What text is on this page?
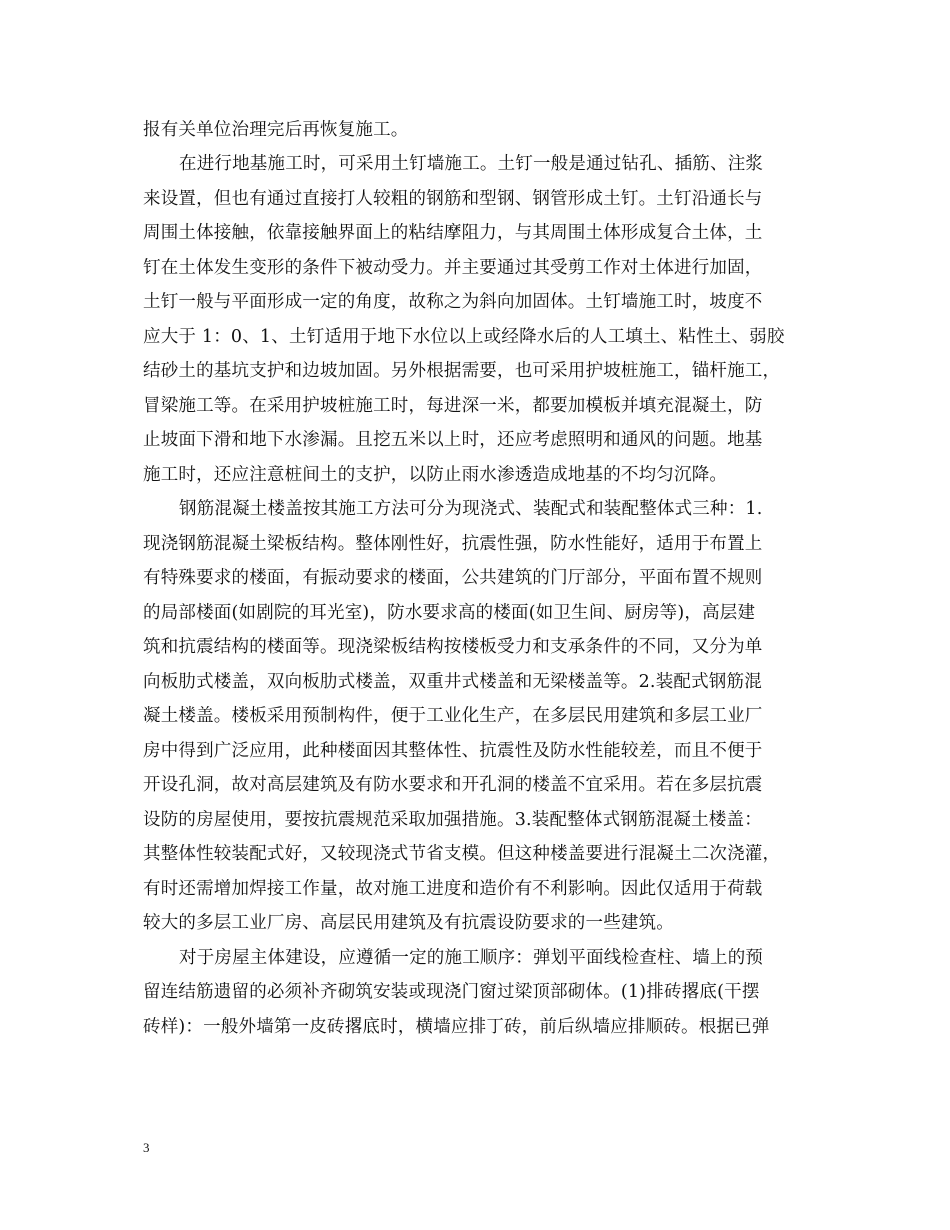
报有关单位治理完后再恢复施工。
在进行地基施工时，可采用土钉墙施工。土钉一般是通过钻孔、插筋、注浆
来设置，但也有通过直接打人较粗的钢筋和型钢、钢管形成土钉。土钉沿通长与
周围土体接触，依靠接触界面上的粘结摩阻力，与其周围土体形成复合土体，土
钉在土体发生变形的条件下被动受力。并主要通过其受剪工作对土体进行加固，
土钉一般与平面形成一定的角度，故称之为斜向加固体。土钉墙施工时，坡度不
应大于 1：0、1、土钉适用于地下水位以上或经降水后的人工填土、粘性土、弱胶
结砂土的基坑支护和边坡加固。另外根据需要，也可采用护坡桩施工，锚杆施工，
冒梁施工等。在采用护坡桩施工时，每进深一米，都要加模板并填充混凝土，防
止坡面下滑和地下水渗漏。且挖五米以上时，还应考虑照明和通风的问题。地基
施工时，还应注意桩间土的支护，以防止雨水渗透造成地基的不均匀沉降。
钢筋混凝土楼盖按其施工方法可分为现浇式、装配式和装配整体式三种：1.
现浇钢筋混凝土梁板结构。整体刚性好，抗震性强，防水性能好，适用于布置上
有特殊要求的楼面，有振动要求的楼面，公共建筑的门厅部分，平面布置不规则
的局部楼面(如剧院的耳光室)，防水要求高的楼面(如卫生间、厨房等)，高层建
筑和抗震结构的楼面等。现浇梁板结构按楼板受力和支承条件的不同，又分为单
向板肋式楼盖，双向板肋式楼盖，双重井式楼盖和无梁楼盖等。2.装配式钢筋混
凝土楼盖。楼板采用预制构件，便于工业化生产，在多层民用建筑和多层工业厂
房中得到广泛应用，此种楼面因其整体性、抗震性及防水性能较差，而且不便于
开设孔洞，故对高层建筑及有防水要求和开孔洞的楼盖不宜采用。若在多层抗震
设防的房屋使用，要按抗震规范采取加强措施。3.装配整体式钢筋混凝土楼盖：
其整体性较装配式好，又较现浇式节省支模。但这种楼盖要进行混凝土二次浇灌，
有时还需增加焊接工作量，故对施工进度和造价有不利影响。因此仅适用于荷载
较大的多层工业厂房、高层民用建筑及有抗震设防要求的一些建筑。
对于房屋主体建设，应遵循一定的施工顺序：弹划平面线检查柱、墙上的预
留连结筋遗留的必须补齐砌筑安装或现浇门窗过梁顶部砌体。(1)排砖撂底(干摆
砖样)：一般外墙第一皮砖撂底时，横墙应排丁砖，前后纵墙应排顺砖。根据已弹
3
